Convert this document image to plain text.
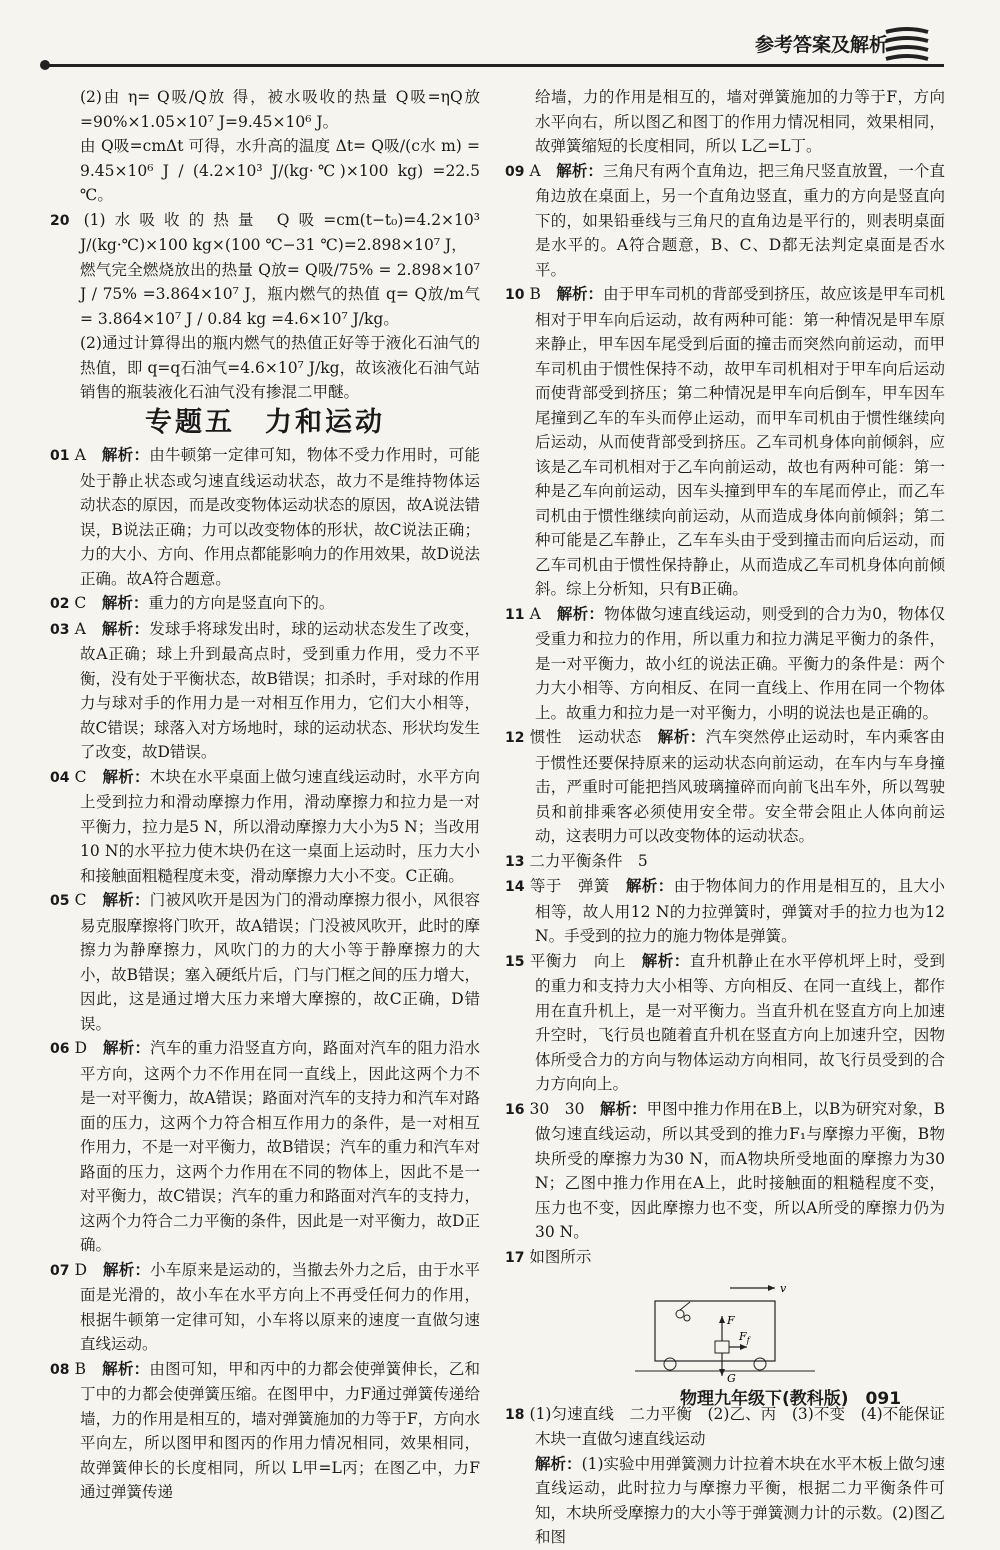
参考答案及解析

(2)由 η= Q吸/Q放 得，被水吸收的热量 Q吸=ηQ放=90%×1.05×10⁷ J=9.45×10⁶ J。

由 Q吸=cmΔt 可得，水升高的温度 Δt= Q吸/(c水 m) = 9.45×10⁶ J / (4.2×10³ J/(kg·℃)×100 kg) =22.5 ℃。

20 (1)水吸收的热量 Q吸=cm(t−t₀)=4.2×10³ J/(kg·℃)×100 kg×(100 ℃−31 ℃)=2.898×10⁷ J，

燃气完全燃烧放出的热量 Q放= Q吸/75% = 2.898×10⁷ J / 75% =3.864×10⁷ J，瓶内燃气的热值 q= Q放/m气 = 3.864×10⁷ J / 0.84 kg =4.6×10⁷ J/kg。

(2)通过计算得出的瓶内燃气的热值正好等于液化石油气的热值，即 q=q石油气=4.6×10⁷ J/kg，故该液化石油气站销售的瓶装液化石油气没有掺混二甲醚。

专题五　力和运动

01 A　 解析：由牛顿第一定律可知，物体不受力作用时，可能处于静止状态或匀速直线运动状态，故力不是维持物体运动状态的原因，而是改变物体运动状态的原因，故A说法错误，B说法正确；力可以改变物体的形状，故C说法正确；力的大小、方向、作用点都能影响力的作用效果，故D说法正确。故A符合题意。

02 C　 解析：重力的方向是竖直向下的。

03 A　 解析：发球手将球发出时，球的运动状态发生了改变，故A正确；球上升到最高点时，受到重力作用，受力不平衡，没有处于平衡状态，故B错误；扣杀时，手对球的作用力与球对手的作用力是一对相互作用力，它们大小相等，故C错误；球落入对方场地时，球的运动状态、形状均发生了改变，故D错误。

04 C　 解析：木块在水平桌面上做匀速直线运动时，水平方向上受到拉力和滑动摩擦力作用，滑动摩擦力和拉力是一对平衡力，拉力是5 N，所以滑动摩擦力大小为5 N；当改用10 N的水平拉力使木块仍在这一桌面上运动时，压力大小和接触面粗糙程度未变，滑动摩擦力大小不变。C正确。

05 C　 解析：门被风吹开是因为门的滑动摩擦力很小，风很容易克服摩擦将门吹开，故A错误；门没被风吹开，此时的摩擦力为静摩擦力，风吹门的力的大小等于静摩擦力的大小，故B错误；塞入硬纸片后，门与门框之间的压力增大，因此，这是通过增大压力来增大摩擦的，故C正确，D错误。

06 D　 解析：汽车的重力沿竖直方向，路面对汽车的阻力沿水平方向，这两个力不作用在同一直线上，因此这两个力不是一对平衡力，故A错误；路面对汽车的支持力和汽车对路面的压力，这两个力符合相互作用力的条件，是一对相互作用力，不是一对平衡力，故B错误；汽车的重力和汽车对路面的压力，这两个力作用在不同的物体上，因此不是一对平衡力，故C错误；汽车的重力和路面对汽车的支持力，这两个力符合二力平衡的条件，因此是一对平衡力，故D正确。

07 D　 解析：小车原来是运动的，当撤去外力之后，由于水平面是光滑的，故小车在水平方向上不再受任何力的作用，根据牛顿第一定律可知，小车将以原来的速度一直做匀速直线运动。

08 B　 解析：由图可知，甲和丙中的力都会使弹簧伸长，乙和丁中的力都会使弹簧压缩。在图甲中，力F通过弹簧传递给墙，力的作用是相互的，墙对弹簧施加的力等于F，方向水平向左，所以图甲和图丙的作用力情况相同，效果相同，故弹簧伸长的长度相同，所以 L甲=L丙；在图乙中，力F通过弹簧传递

给墙，力的作用是相互的，墙对弹簧施加的力等于F，方向水平向右，所以图乙和图丁的作用力情况相同，效果相同，故弹簧缩短的长度相同，所以 L乙=L丁。

09 A　 解析：三角尺有两个直角边，把三角尺竖直放置，一个直角边放在桌面上，另一个直角边竖直，重力的方向是竖直向下的，如果铅垂线与三角尺的直角边是平行的，则表明桌面是水平的。A符合题意，B、C、D都无法判定桌面是否水平。

10 B　 解析：由于甲车司机的背部受到挤压，故应该是甲车司机相对于甲车向后运动，故有两种可能：第一种情况是甲车原来静止，甲车因车尾受到后面的撞击而突然向前运动，而甲车司机由于惯性保持不动，故甲车司机相对于甲车向后运动而使背部受到挤压；第二种情况是甲车向后倒车，甲车因车尾撞到乙车的车头而停止运动，而甲车司机由于惯性继续向后运动，从而使背部受到挤压。乙车司机身体向前倾斜，应该是乙车司机相对于乙车向前运动，故也有两种可能：第一种是乙车向前运动，因车头撞到甲车的车尾而停止，而乙车司机由于惯性继续向前运动，从而造成身体向前倾斜；第二种可能是乙车静止，乙车车头由于受到撞击而向后运动，而乙车司机由于惯性保持静止，从而造成乙车司机身体向前倾斜。综上分析知，只有B正确。

11 A　 解析：物体做匀速直线运动，则受到的合力为0，物体仅受重力和拉力的作用，所以重力和拉力满足平衡力的条件，是一对平衡力，故小红的说法正确。平衡力的条件是：两个力大小相等、方向相反、在同一直线上、作用在同一个物体上。故重力和拉力是一对平衡力，小明的说法也是正确的。

12 惯性　运动状态　 解析：汽车突然停止运动时，车内乘客由于惯性还要保持原来的运动状态向前运动，在车内与车身撞击，严重时可能把挡风玻璃撞碎而向前飞出车外，所以驾驶员和前排乘客必须使用安全带。安全带会阻止人体向前运动，这表明力可以改变物体的运动状态。

13 二力平衡条件　5　

14 等于　弹簧　 解析：由于物体间力的作用是相互的，且大小相等，故人用12 N的力拉弹簧时，弹簧对手的拉力也为12 N。手受到的拉力的施力物体是弹簧。

15 平衡力　向上　 解析：直升机静止在水平停机坪上时，受到的重力和支持力大小相等、方向相反、在同一直线上，都作用在直升机上，是一对平衡力。当直升机在竖直方向上加速升空时，飞行员也随着直升机在竖直方向上加速升空，因物体所受合力的方向与物体运动方向相同，故飞行员受到的合力方向向上。

16 30　30　 解析：甲图中推力作用在B上，以B为研究对象，B做匀速直线运动，所以其受到的推力F₁与摩擦力平衡，B物块所受的摩擦力为30 N，而A物块所受地面的摩擦力为30 N；乙图中推力作用在A上，此时接触面的粗糙程度不变，压力也不变，因此摩擦力也不变，所以A所受的摩擦力仍为30 N。

17 如图所示　

v
F
$F_f$
G

18 (1)匀速直线　二力平衡　(2)乙、丙　(3)不变　(4)不能保证木块一直做匀速直线运动

解析：(1)实验中用弹簧测力计拉着木块在水平木板上做匀速直线运动，此时拉力与摩擦力平衡，根据二力平衡条件可知，木块所受摩擦力的大小等于弹簧测力计的示数。(2)图乙和图

物理九年级下(教科版)　091
